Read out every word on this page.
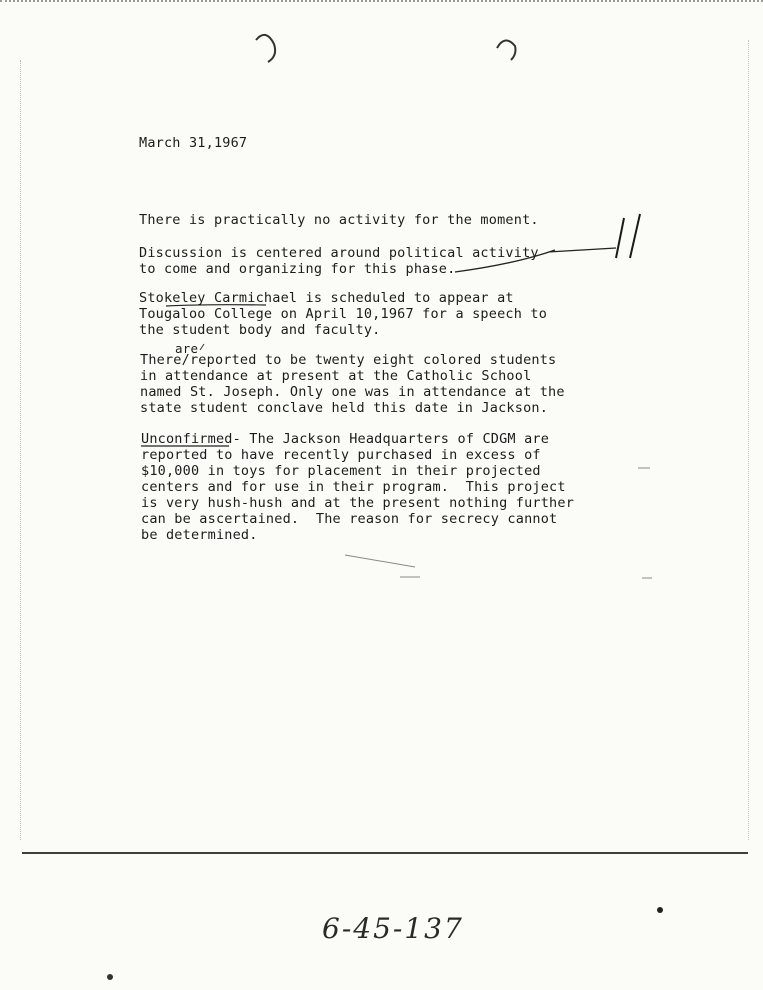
March 31,1967
There is practically no activity for the moment.
Discussion is centered around political activity
to come and organizing for this phase.
Stokeley Carmichael is scheduled to appear at
Tougaloo College on April 10,1967 for a speech to
the student body and faculty.
are
There/reported to be twenty eight colored students
in attendance at present at the Catholic School
named St. Joseph. Only one was in attendance at the
state student conclave held this date in Jackson.
Unconfirmed- The Jackson Headquarters of CDGM are
reported to have recently purchased in excess of
$10,000 in toys for placement in their projected
centers and for use in their program.  This project
is very hush-hush and at the present nothing further
can be ascertained.  The reason for secrecy cannot
be determined.
6-45-137
